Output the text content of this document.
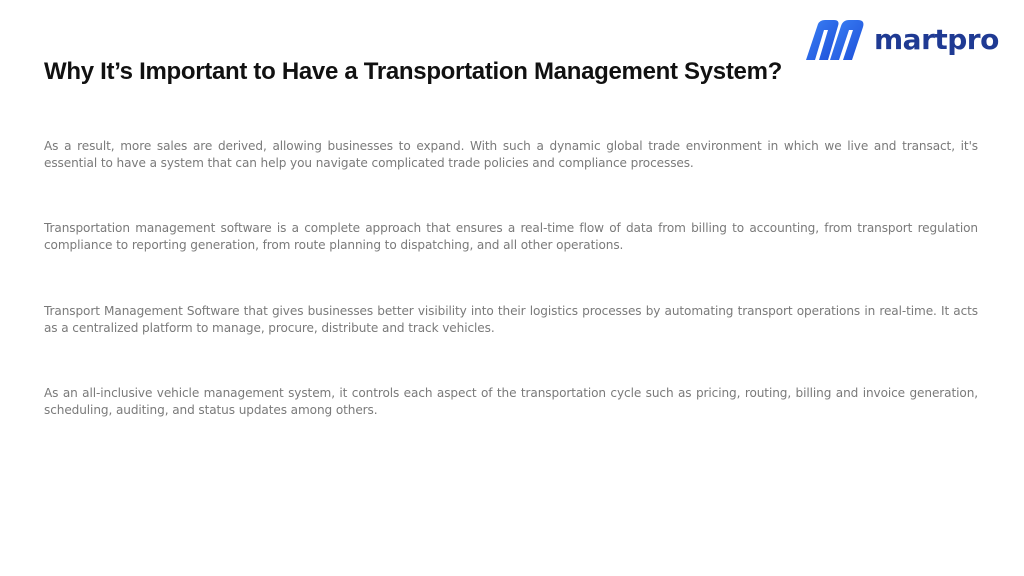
martpro
Why It’s Important to Have a Transportation Management System?

As a result, more sales are derived, allowing businesses to expand. With such a dynamic global trade environment in which we live and transact, it's essential to have a system that can help you navigate complicated trade policies and compliance processes.

Transportation management software is a complete approach that ensures a real-time flow of data from billing to accounting, from transport regulation compliance to reporting generation, from route planning to dispatching, and all other operations.

Transport Management Software that gives businesses better visibility into their logistics processes by automating transport operations in real-time. It acts as a centralized platform to manage, procure, distribute and track vehicles.

As an all-inclusive vehicle management system, it controls each aspect of the transportation cycle such as pricing, routing, billing and invoice generation, scheduling, auditing, and status updates among others.
